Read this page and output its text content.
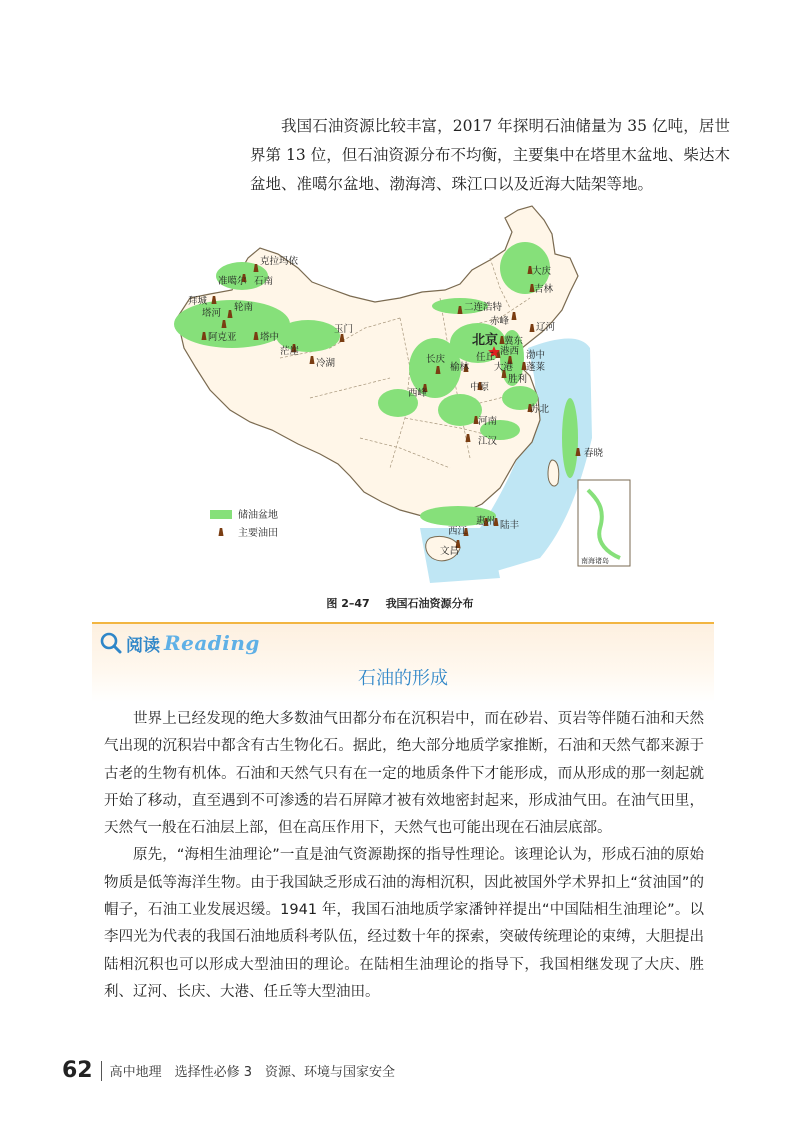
我国石油资源比较丰富，2017 年探明石油储量为 35 亿吨，居世界第 13 位，但石油资源分布不均衡，主要集中在塔里木盆地、柴达木盆地、准噶尔盆地、渤海湾、珠江口以及近海大陆架等地。

南海诸岛
克拉玛依
准噶尔 石南
拜城
塔河
轮南
阿克亚 塔中
茫崖
冷湖
玉门
二连浩特
大庆
吉林
赤峰
辽河
北京 冀东
任丘
港西 渤中
大港 蓬莱
胜利
长庆
榆林
中原
西峰
河南
苏北
江汉
春晓
惠州 陆丰
西江
文昌
储油盆地
主要油田
图 2–47 我国石油资源分布
阅读 Reading
石油的形成

世界上已经发现的绝大多数油气田都分布在沉积岩中，而在砂岩、页岩等伴随石油和天然气出现的沉积岩中都含有古生物化石。据此，绝大部分地质学家推断，石油和天然气都来源于古老的生物有机体。石油和天然气只有在一定的地质条件下才能形成，而从形成的那一刻起就开始了移动，直至遇到不可渗透的岩石屏障才被有效地密封起来，形成油气田。在油气田里，天然气一般在石油层上部，但在高压作用下，天然气也可能出现在石油层底部。

原先，“海相生油理论”一直是油气资源勘探的指导性理论。该理论认为，形成石油的原始物质是低等海洋生物。由于我国缺乏形成石油的海相沉积，因此被国外学术界扣上“贫油国”的帽子，石油工业发展迟缓。1941 年，我国石油地质学家潘钟祥提出“中国陆相生油理论”。以李四光为代表的我国石油地质科考队伍，经过数十年的探索，突破传统理论的束缚，大胆提出陆相沉积也可以形成大型油田的理论。在陆相生油理论的指导下，我国相继发现了大庆、胜利、辽河、长庆、大港、任丘等大型油田。

62 高中地理　选择性必修 3　资源、环境与国家安全
